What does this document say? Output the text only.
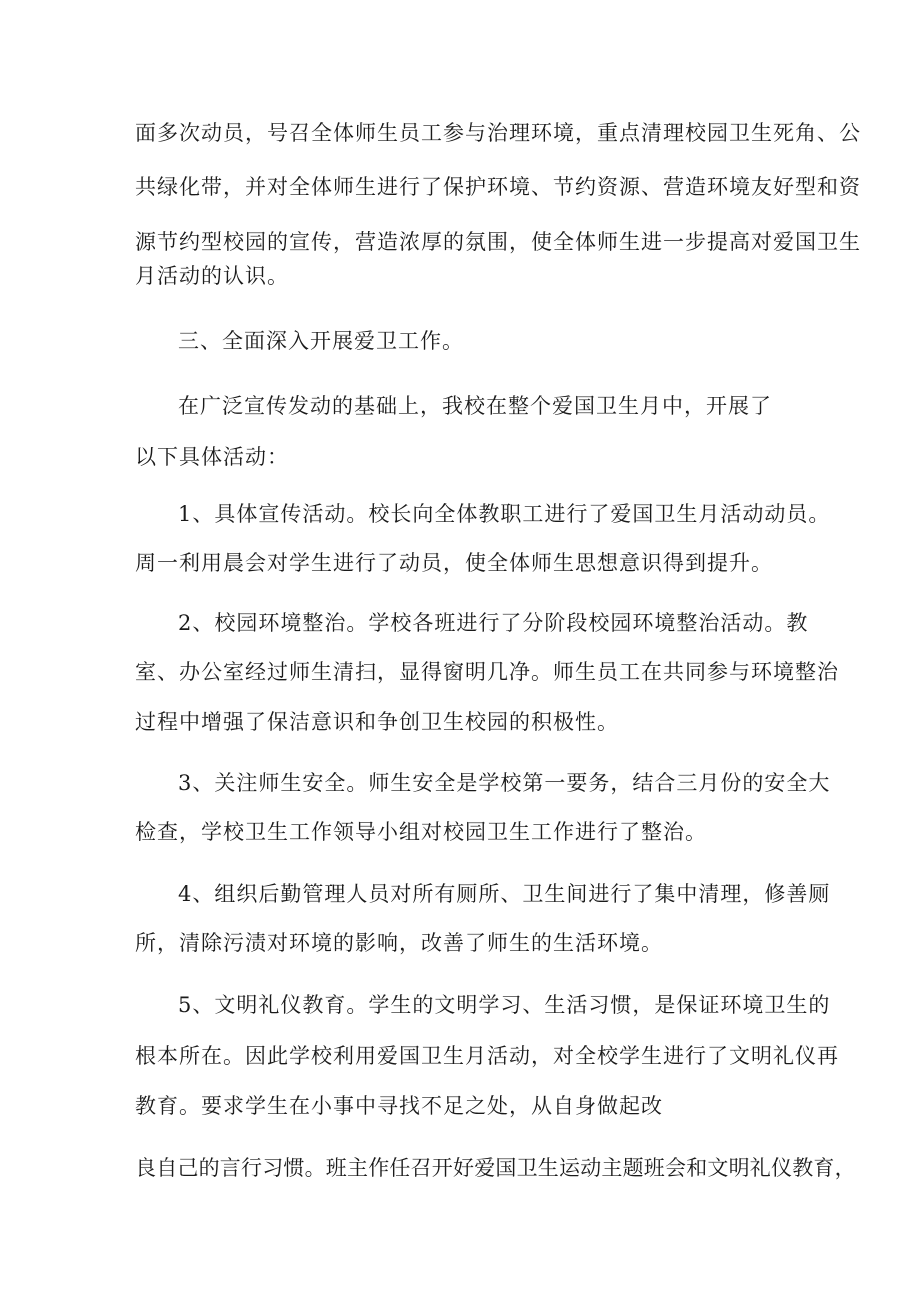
面多次动员，号召全体师生员工参与治理环境，重点清理校园卫生死角、公
共绿化带，并对全体师生进行了保护环境、节约资源、营造环境友好型和资
源节约型校园的宣传，营造浓厚的氛围，使全体师生进一步提高对爱国卫生
月活动的认识。
三、全面深入开展爱卫工作。
在广泛宣传发动的基础上，我校在整个爱国卫生月中，开展了
以下具体活动：
1、具体宣传活动。校长向全体教职工进行了爱国卫生月活动动员。
周一利用晨会对学生进行了动员，使全体师生思想意识得到提升。
2、校园环境整治。学校各班进行了分阶段校园环境整治活动。教
室、办公室经过师生清扫，显得窗明几净。师生员工在共同参与环境整治
过程中增强了保洁意识和争创卫生校园的积极性。
3、关注师生安全。师生安全是学校第一要务，结合三月份的安全大
检查，学校卫生工作领导小组对校园卫生工作进行了整治。
4、组织后勤管理人员对所有厕所、卫生间进行了集中清理，修善厕
所，清除污渍对环境的影响，改善了师生的生活环境。
5、文明礼仪教育。学生的文明学习、生活习惯，是保证环境卫生的
根本所在。因此学校利用爱国卫生月活动，对全校学生进行了文明礼仪再
教育。要求学生在小事中寻找不足之处，从自身做起改
良自己的言行习惯。班主作任召开好爱国卫生运动主题班会和文明礼仪教育，
